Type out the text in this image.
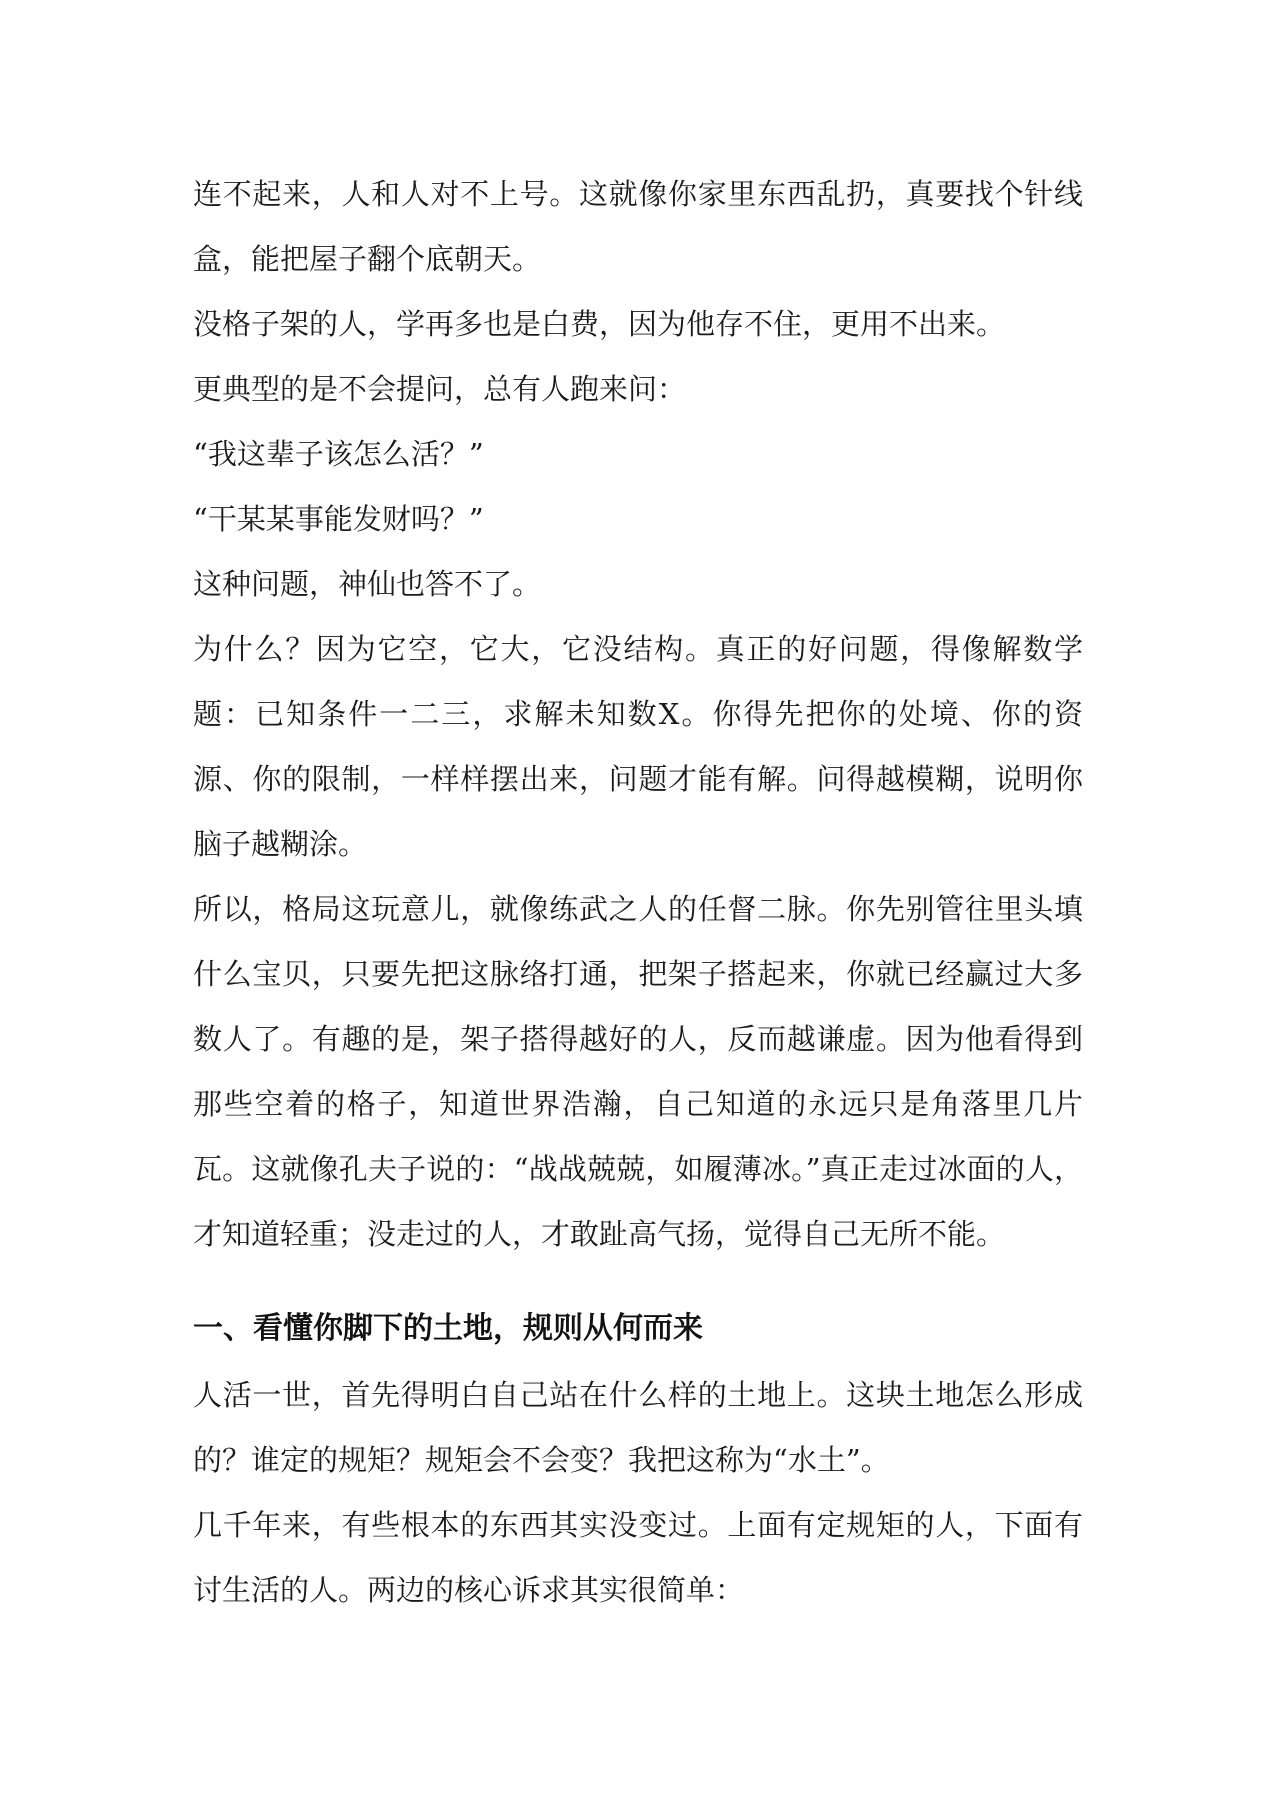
连不起来，人和人对不上号。这就像你家里东西乱扔，真要找个针线盒，能把屋子翻个底朝天。

没格子架的人，学再多也是白费，因为他存不住，更用不出来。

更典型的是不会提问，总有人跑来问：

“我这辈子该怎么活？”

“干某某事能发财吗？”

这种问题，神仙也答不了。

为什么？因为它空，它大，它没结构。真正的好问题，得像解数学题：已知条件一二三，求解未知数X。你得先把你的处境、你的资源、你的限制，一样样摆出来，问题才能有解。问得越模糊，说明你脑子越糊涂。

所以，格局这玩意儿，就像练武之人的任督二脉。你先别管往里头填什么宝贝，只要先把这脉络打通，把架子搭起来，你就已经赢过大多数人了。有趣的是，架子搭得越好的人，反而越谦虚。因为他看得到那些空着的格子，知道世界浩瀚，自己知道的永远只是角落里几片瓦。这就像孔夫子说的：“战战兢兢，如履薄冰。”真正走过冰面的人，才知道轻重；没走过的人，才敢趾高气扬，觉得自己无所不能。

一、看懂你脚下的土地，规则从何而来

人活一世，首先得明白自己站在什么样的土地上。这块土地怎么形成的？谁定的规矩？规矩会不会变？我把这称为“水土”。

几千年来，有些根本的东西其实没变过。上面有定规矩的人，下面有讨生活的人。两边的核心诉求其实很简单：
